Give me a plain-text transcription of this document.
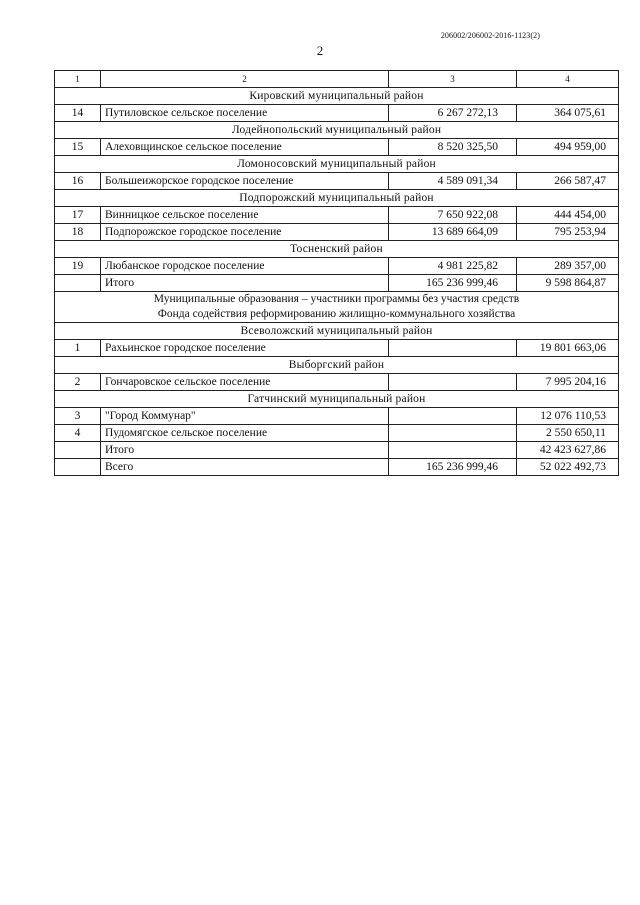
206002/206002-2016-1123(2)
2
1	2	3	4
Кировский муниципальный район			
14	Путиловское сельское поселение	6 267 272,13	364 075,61
Лодейнопольский муниципальный район			
15	Алеховщинское сельское поселение	8 520 325,50	494 959,00
Ломоносовский муниципальный район			
16	Большеижорское городское поселение	4 589 091,34	266 587,47
Подпорожский муниципальный район			
17	Винницкое сельское поселение	7 650 922,08	444 454,00
18	Подпорожское городское поселение	13 689 664,09	795 253,94
Тосненский район			
19	Любанское городское поселение	4 981 225,82	289 357,00
	Итого	165 236 999,46	9 598 864,87

Муниципальные образования – участники программы без участия средств
Фонда содействия реформированию жилищно-коммунального хозяйства			

Всеволожский муниципальный район			
1	Рахьинское городское поселение		19 801 663,06
Выборгский район			
2	Гончаровское сельское поселение		7 995 204,16
Гатчинский муниципальный район			
3	"Город Коммунар"		12 076 110,53
4	Пудомягское сельское поселение		2 550 650,11
	Итого		42 423 627,86
	Всего	165 236 999,46	52 022 492,73
